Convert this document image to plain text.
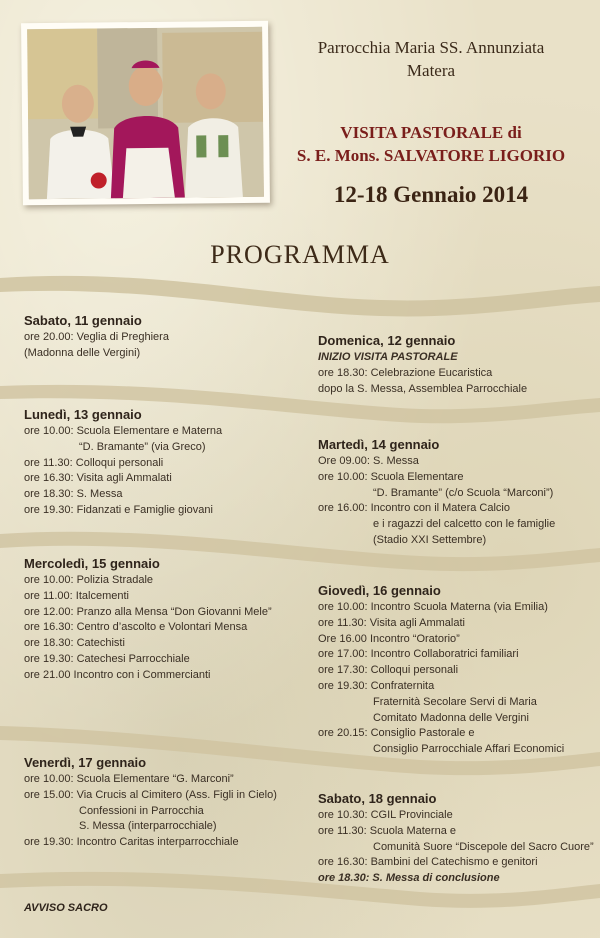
Parrocchia Maria SS. Annunziata
Matera
VISITA PASTORALE di
S. E. Mons. SALVATORE LIGORIO
12-18 Gennaio 2014
PROGRAMMA
Sabato, 11 gennaio
ore 20.00: Veglia di Preghiera
(Madonna delle Vergini)
Domenica, 12 gennaio
INIZIO VISITA PASTORALE
ore 18.30: Celebrazione Eucaristica
dopo la S. Messa, Assemblea Parrocchiale
Lunedì, 13 gennaio
ore 10.00: Scuola Elementare e Materna
“D. Bramante” (via Greco)
ore 11.30: Colloqui personali
ore 16.30: Visita agli Ammalati
ore 18.30: S. Messa
ore 19.30: Fidanzati e Famiglie giovani
Martedì, 14 gennaio
Ore 09.00: S. Messa
ore 10.00: Scuola Elementare
“D. Bramante” (c/o Scuola “Marconi”)
ore 16.00: Incontro con il Matera Calcio
e i ragazzi del calcetto con le famiglie
(Stadio XXI Settembre)
Mercoledì, 15 gennaio
ore 10.00: Polizia Stradale
ore 11.00: Italcementi
ore 12.00: Pranzo alla Mensa “Don Giovanni Mele”
ore 16.30: Centro d’ascolto e Volontari Mensa
ore 18.30: Catechisti
ore 19.30: Catechesi Parrocchiale
ore 21.00 Incontro con i Commercianti
Giovedì, 16 gennaio
ore 10.00: Incontro Scuola Materna (via Emilia)
ore 11.30: Visita agli Ammalati
Ore 16.00 Incontro “Oratorio”
ore 17.00: Incontro Collaboratrici familiari
ore 17.30: Colloqui personali
ore 19.30: Confraternita
Fraternità Secolare Servi di Maria
Comitato Madonna delle Vergini
ore 20.15: Consiglio Pastorale e
Consiglio Parrocchiale Affari Economici
Venerdì, 17 gennaio
ore 10.00: Scuola Elementare “G. Marconi”
ore 15.00: Via Crucis al Cimitero (Ass. Figli in Cielo)
Confessioni in Parrocchia
S. Messa (interparrocchiale)
ore 19.30: Incontro Caritas interparrocchiale
Sabato, 18 gennaio
ore 10.30: CGIL Provinciale
ore 11.30: Scuola Materna e
Comunità Suore “Discepole del Sacro Cuore”
ore 16.30: Bambini del Catechismo e genitori
ore 18.30: S. Messa di conclusione
AVVISO SACRO
